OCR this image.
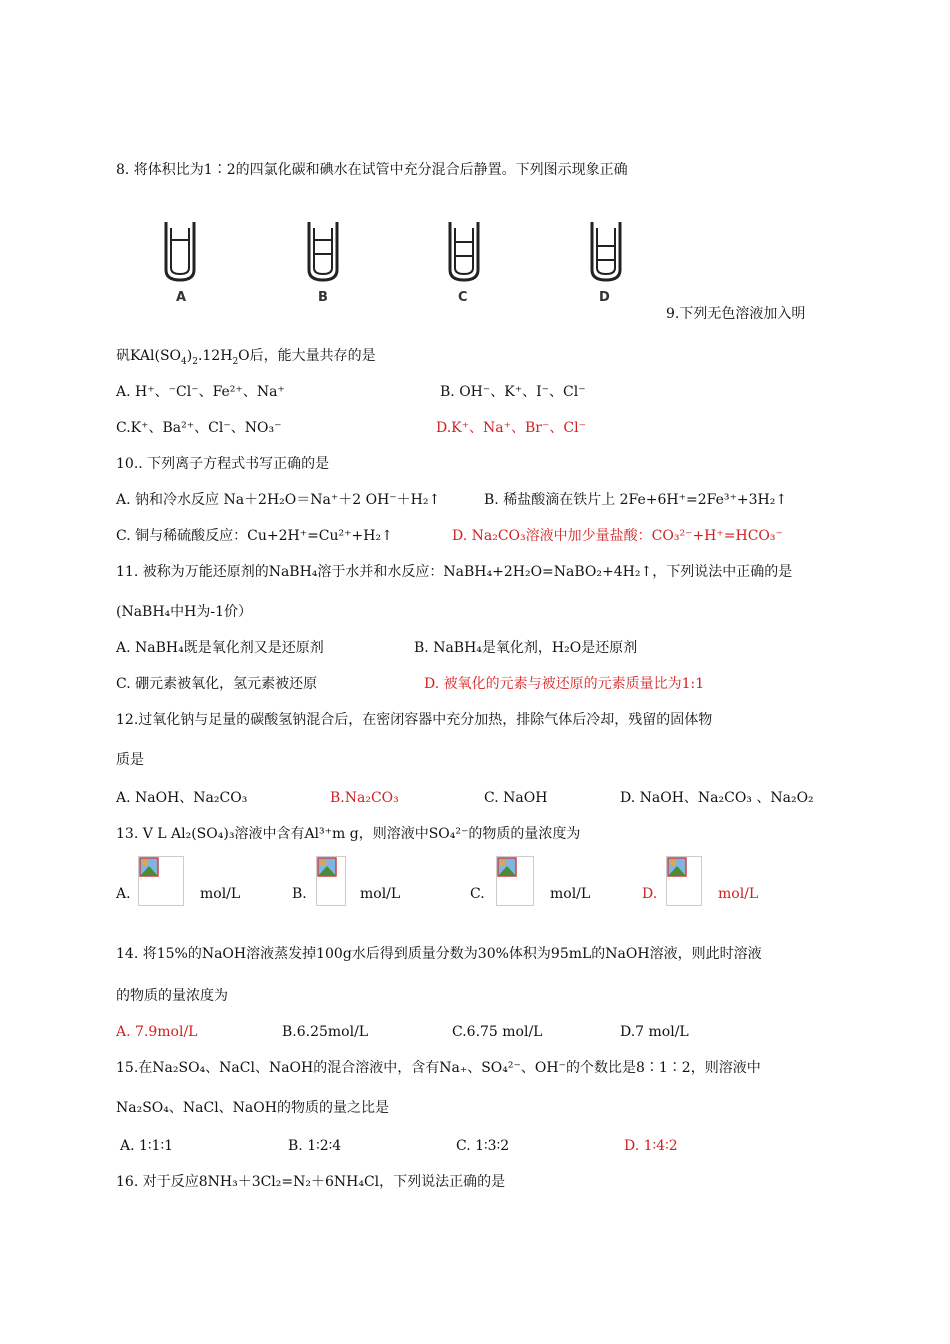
8. 将体积比为1∶2的四氯化碳和碘水在试管中充分混合后静置。下列图示现象正确
A	B	C	D
9.下列无色溶液加入明
矾$KAl(SO_4)_2.12H_2O$后，能大量共存的是
A. H⁺、⁻Cl⁻、Fe²⁺、Na⁺	B. OH⁻、K⁺、I⁻、Cl⁻
C.K⁺、Ba²⁺、Cl⁻、NO₃⁻	D.K⁺、Na⁺、Br⁻、Cl⁻
10.. 下列离子方程式书写正确的是
A. 钠和冷水反应 Na＋2H₂O＝Na⁺＋2 OH⁻＋H₂↑	B. 稀盐酸滴在铁片上 2Fe+6H⁺=2Fe³⁺+3H₂↑
C. 铜与稀硫酸反应：Cu+2H⁺=Cu²⁺+H₂↑	D. Na₂CO₃溶液中加少量盐酸：CO₃²⁻+H⁺=HCO₃⁻
11. 被称为万能还原剂的NaBH₄溶于水并和水反应：NaBH₄+2H₂O=NaBO₂+4H₂↑，下列说法中正确的是
(NaBH₄中H为-1价）
A. NaBH₄既是氧化剂又是还原剂	B. NaBH₄是氧化剂，H₂O是还原剂
C. 硼元素被氧化，氢元素被还原	D. 被氧化的元素与被还原的元素质量比为1:1
12.过氧化钠与足量的碳酸氢钠混合后，在密闭容器中充分加热，排除气体后冷却，残留的固体物
质是
A. NaOH、Na₂CO₃	B.Na₂CO₃	C. NaOH	D. NaOH、Na₂CO₃ 、Na₂O₂
13. V L Al₂(SO₄)₃溶液中含有Al³⁺m g，则溶液中SO₄²⁻的物质的量浓度为
A.	mol/L	B.	mol/L	C.	mol/L	D.	mol/L
14. 将15%的NaOH溶液蒸发掉100g水后得到质量分数为30%体积为95mL的NaOH溶液，则此时溶液
的物质的量浓度为
A. 7.9mol/L	B.6.25mol/L	C.6.75 mol/L	D.7 mol/L
15.在Na₂SO₄、NaCl、NaOH的混合溶液中，含有Na₊、SO₄²⁻、OH⁻的个数比是8∶1∶2，则溶液中
Na₂SO₄、NaCl、NaOH的物质的量之比是
A. 1∶1∶1	B. 1∶2∶4	C. 1∶3∶2	D. 1∶4∶2
16. 对于反应8NH₃＋3Cl₂=N₂＋6NH₄Cl，下列说法正确的是
